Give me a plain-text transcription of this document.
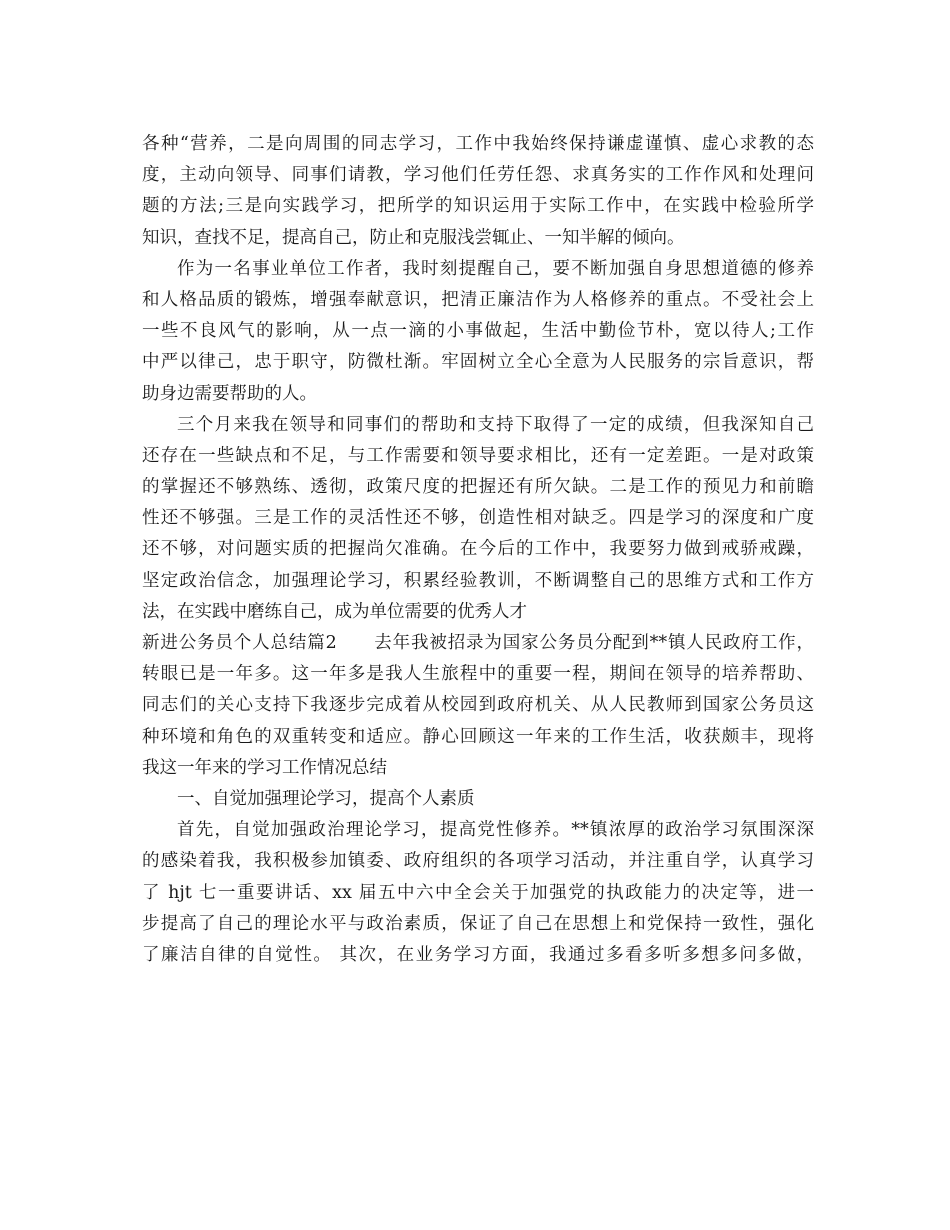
各种“营养，二是向周围的同志学习，工作中我始终保持谦虚谨慎、虚心求教的态
度，主动向领导、同事们请教，学习他们任劳任怨、求真务实的工作作风和处理问
题的方法;三是向实践学习，把所学的知识运用于实际工作中，在实践中检验所学
知识，查找不足，提高自己，防止和克服浅尝辄止、一知半解的倾向。
作为一名事业单位工作者，我时刻提醒自己，要不断加强自身思想道德的修养
和人格品质的锻炼，增强奉献意识，把清正廉洁作为人格修养的重点。不受社会上
一些不良风气的影响，从一点一滴的小事做起，生活中勤俭节朴，宽以待人;工作
中严以律己，忠于职守，防微杜渐。牢固树立全心全意为人民服务的宗旨意识，帮
助身边需要帮助的人。
三个月来我在领导和同事们的帮助和支持下取得了一定的成绩，但我深知自己
还存在一些缺点和不足，与工作需要和领导要求相比，还有一定差距。一是对政策
的掌握还不够熟练、透彻，政策尺度的把握还有所欠缺。二是工作的预见力和前瞻
性还不够强。三是工作的灵活性还不够，创造性相对缺乏。四是学习的深度和广度
还不够，对问题实质的把握尚欠准确。在今后的工作中，我要努力做到戒骄戒躁，
坚定政治信念，加强理论学习，积累经验教训，不断调整自己的思维方式和工作方
法，在实践中磨练自己，成为单位需要的优秀人才
新进公务员个人总结篇2　　去年我被招录为国家公务员分配到**镇人民政府工作，
转眼已是一年多。这一年多是我人生旅程中的重要一程，期间在领导的培养帮助、
同志们的关心支持下我逐步完成着从校园到政府机关、从人民教师到国家公务员这
种环境和角色的双重转变和适应。静心回顾这一年来的工作生活，收获颇丰，现将
我这一年来的学习工作情况总结
一、自觉加强理论学习，提高个人素质
首先，自觉加强政治理论学习，提高党性修养。**镇浓厚的政治学习氛围深深
的感染着我，我积极参加镇委、政府组织的各项学习活动，并注重自学，认真学习
了 hjt 七一重要讲话、xx 届五中六中全会关于加强党的执政能力的决定等，进一
步提高了自己的理论水平与政治素质，保证了自己在思想上和党保持一致性，强化
了廉洁自律的自觉性。 其次，在业务学习方面，我通过多看多听多想多问多做，
